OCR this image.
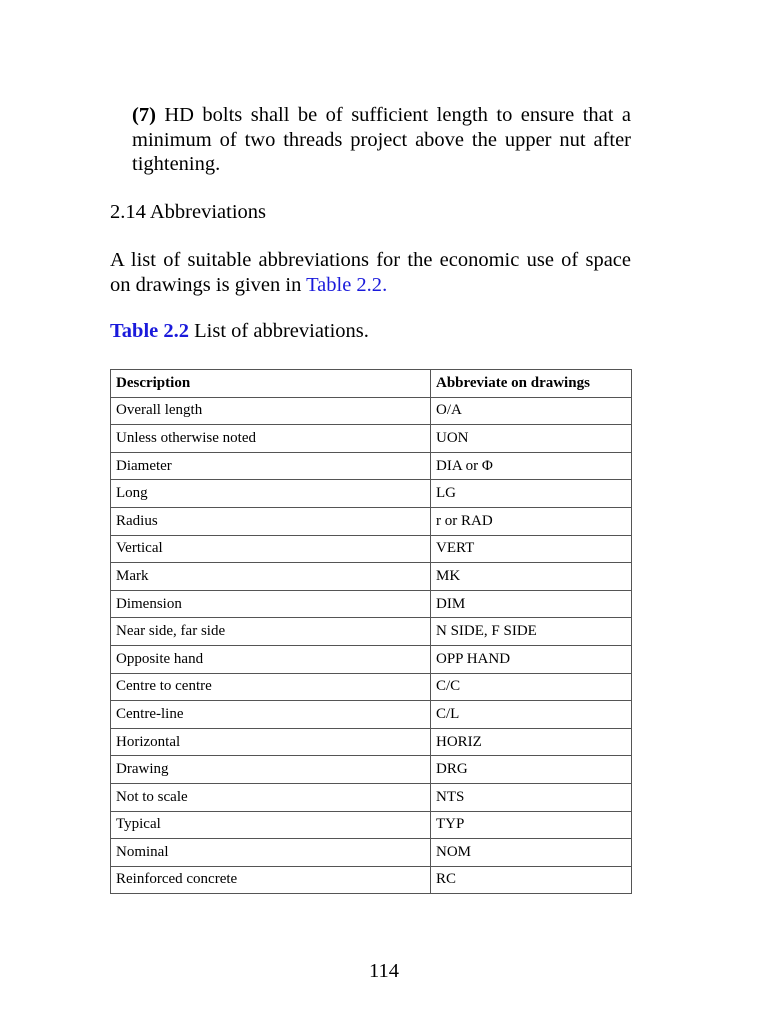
(7) HD bolts shall be of sufficient length to ensure that a minimum of two threads project above the upper nut after tightening.

2.14 Abbreviations

A list of suitable abbreviations for the economic use of space on drawings is given in Table 2.2.

Table 2.2 List of abbreviations.

Description	Abbreviate on drawings
Overall length	O/A
Unless otherwise noted	UON
Diameter	DIA or Φ
Long	LG
Radius	r or RAD
Vertical	VERT
Mark	MK
Dimension	DIM
Near side, far side	N SIDE, F SIDE
Opposite hand	OPP HAND
Centre to centre	C/C
Centre-line	C/L
Horizontal	HORIZ
Drawing	DRG
Not to scale	NTS
Typical	TYP
Nominal	NOM
Reinforced concrete	RC

114
